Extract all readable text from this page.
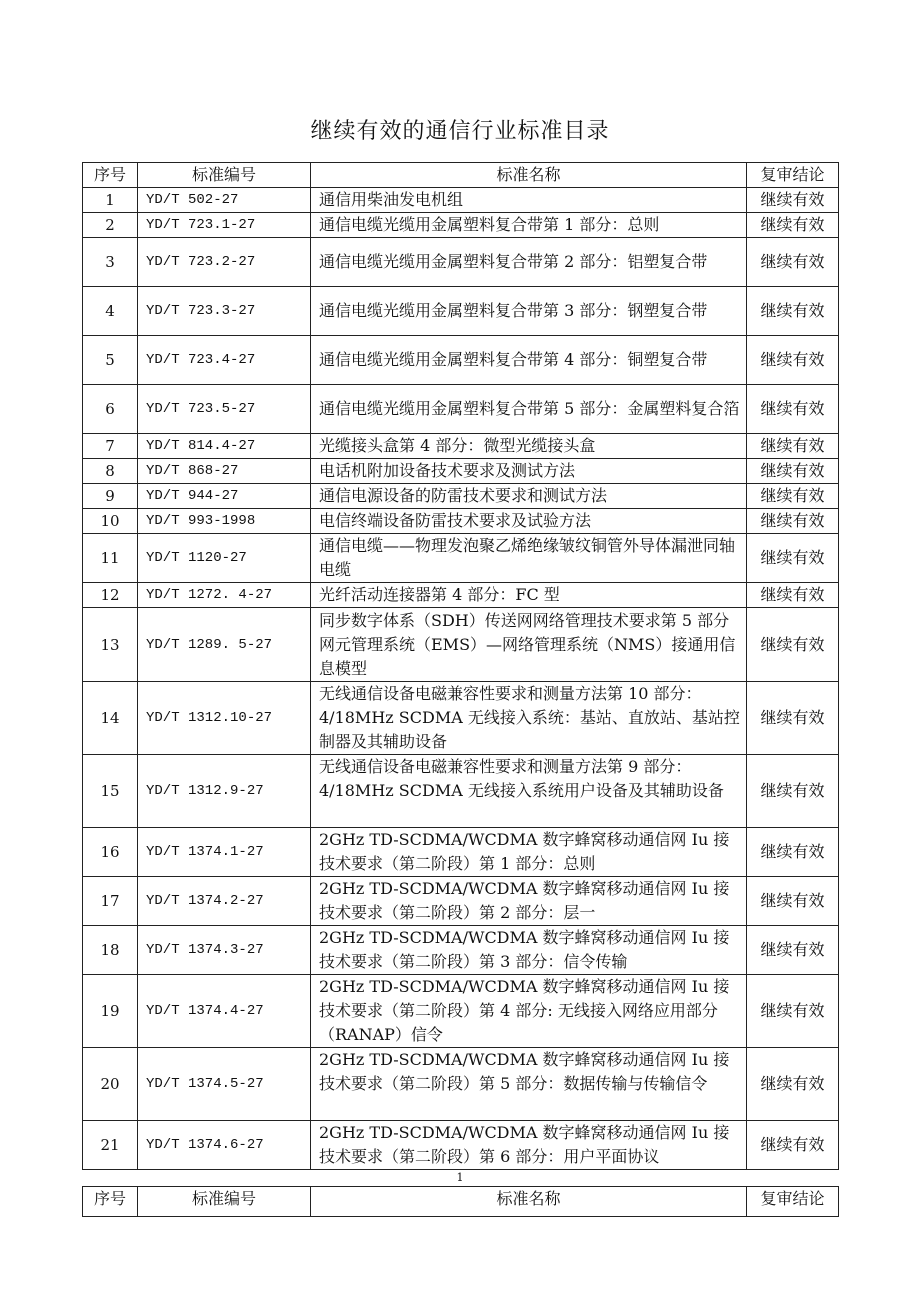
继续有效的通信行业标准目录
序号	标准编号	标准名称	复审结论
1	YD/T 502-27	通信用柴油发电机组	继续有效
2	YD/T 723.1-27	通信电缆光缆用金属塑料复合带第 1 部分：总则	继续有效
3	YD/T 723.2-27	通信电缆光缆用金属塑料复合带第 2 部分：铝塑复合带	继续有效
4	YD/T 723.3-27	通信电缆光缆用金属塑料复合带第 3 部分：钢塑复合带	继续有效
5	YD/T 723.4-27	通信电缆光缆用金属塑料复合带第 4 部分：铜塑复合带	继续有效
6	YD/T 723.5-27	通信电缆光缆用金属塑料复合带第 5 部分：金属塑料复合箔	继续有效
7	YD/T 814.4-27	光缆接头盒第 4 部分：微型光缆接头盒	继续有效
8	YD/T 868-27	电话机附加设备技术要求及测试方法	继续有效
9	YD/T 944-27	通信电源设备的防雷技术要求和测试方法	继续有效
10	YD/T 993-1998	电信终端设备防雷技术要求及试验方法	继续有效
11	YD/T 1120-27	通信电缆——物理发泡聚乙烯绝缘皱纹铜管外导体漏泄同轴电缆	继续有效
12	YD/T 1272. 4-27	光纤活动连接器第 4 部分：FC 型	继续有效
13	YD/T 1289. 5-27	同步数字体系（SDH）传送网网络管理技术要求第 5 部分 网元管理系统（EMS）—网络管理系统（NMS）接通用信息模型	继续有效
14	YD/T 1312.10-27	无线通信设备电磁兼容性要求和测量方法第 10 部分：4/18MHz SCDMA 无线接入系统：基站、直放站、基站控制器及其辅助设备	继续有效
15	YD/T 1312.9-27	无线通信设备电磁兼容性要求和测量方法第 9 部分：4/18MHz SCDMA 无线接入系统用户设备及其辅助设备	继续有效
16	YD/T 1374.1-27	2GHz TD-SCDMA/WCDMA 数字蜂窝移动通信网 Iu 接技术要求（第二阶段）第 1 部分：总则	继续有效
17	YD/T 1374.2-27	2GHz TD-SCDMA/WCDMA 数字蜂窝移动通信网 Iu 接技术要求（第二阶段）第 2 部分：层一	继续有效
18	YD/T 1374.3-27	2GHz TD-SCDMA/WCDMA 数字蜂窝移动通信网 Iu 接技术要求（第二阶段）第 3 部分：信令传输	继续有效
19	YD/T 1374.4-27	2GHz TD-SCDMA/WCDMA 数字蜂窝移动通信网 Iu 接技术要求（第二阶段）第 4 部分: 无线接入网络应用部分（RANAP）信令	继续有效
20	YD/T 1374.5-27	2GHz TD-SCDMA/WCDMA 数字蜂窝移动通信网 Iu 接技术要求（第二阶段）第 5 部分：数据传输与传输信令	继续有效
21	YD/T 1374.6-27	2GHz TD-SCDMA/WCDMA 数字蜂窝移动通信网 Iu 接技术要求（第二阶段）第 6 部分：用户平面协议	继续有效
1
序号	标准编号	标准名称	复审结论
